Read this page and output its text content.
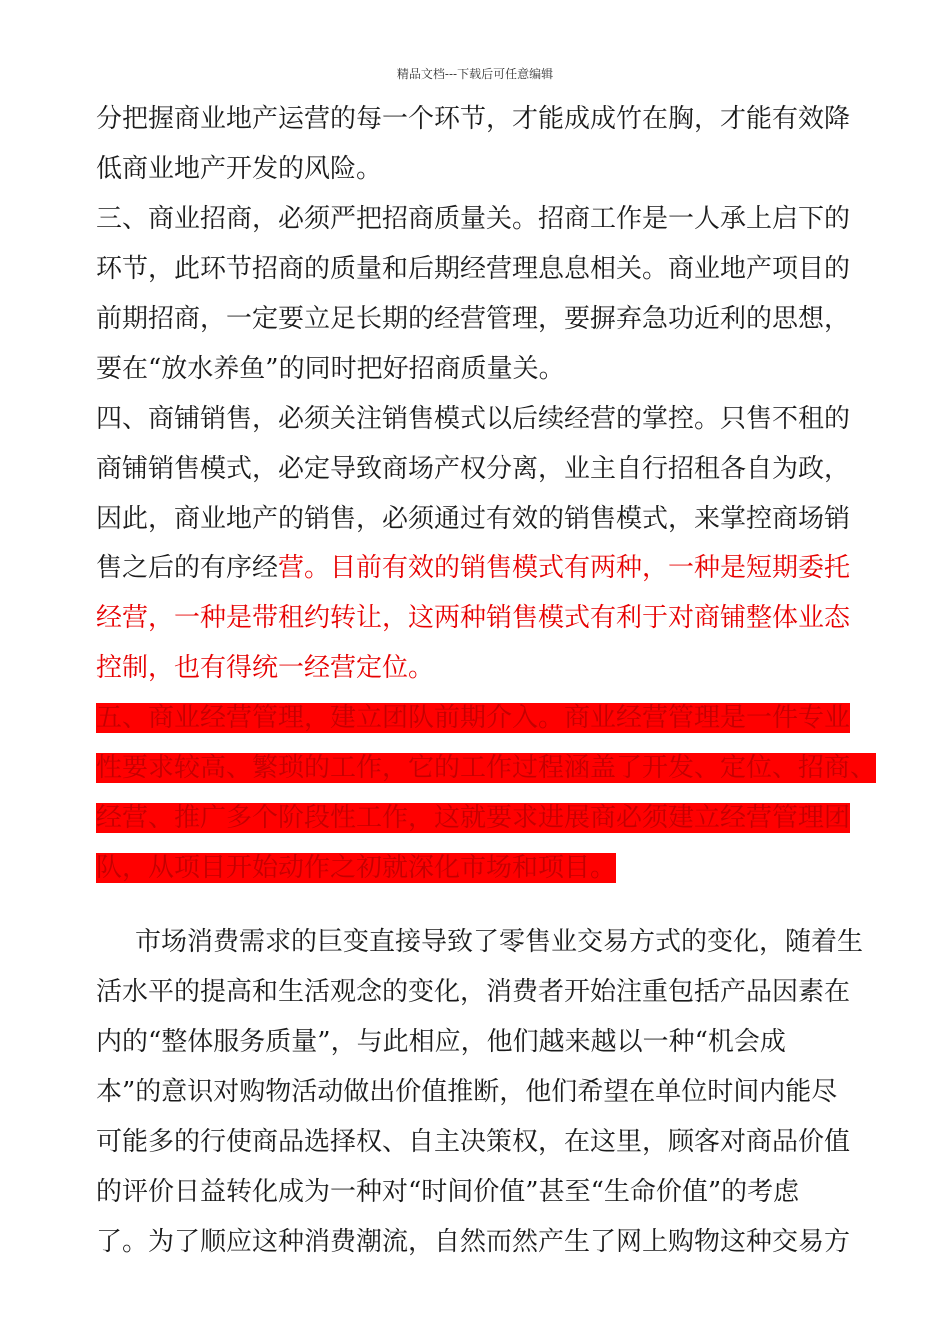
精品文档---下载后可任意编辑
分把握商业地产运营的每一个环节，才能成成竹在胸，才能有效降
低商业地产开发的风险。
三、商业招商，必须严把招商质量关。招商工作是一人承上启下的
环节，此环节招商的质量和后期经营理息息相关。商业地产项目的
前期招商，一定要立足长期的经营管理，要摒弃急功近利的思想，
要在“放水养鱼”的同时把好招商质量关。
四、商铺销售，必须关注销售模式以后续经营的掌控。只售不租的
商铺销售模式，必定导致商场产权分离，业主自行招租各自为政，
因此，商业地产的销售，必须通过有效的销售模式，来掌控商场销
售之后的有序经营。目前有效的销售模式有两种，一种是短期委托
经营，一种是带租约转让，这两种销售模式有利于对商铺整体业态
控制，也有得统一经营定位。
五、商业经营管理，建立团队前期介入。商业经营管理是一件专业
性要求较高、繁琐的工作，它的工作过程涵盖了开发、定位、招商、
经营、推广多个阶段性工作，这就要求进展商必须建立经营管理团
队，从项目开始动作之初就深化市场和项目。
市场消费需求的巨变直接导致了零售业交易方式的变化，随着生
活水平的提高和生活观念的变化，消费者开始注重包括产品因素在
内的“整体服务质量”，与此相应，他们越来越以一种“机会成
本”的意识对购物活动做出价值推断，他们希望在单位时间内能尽
可能多的行使商品选择权、自主决策权，在这里，顾客对商品价值
的评价日益转化成为一种对“时间价值”甚至“生命价值”的考虑
了。为了顺应这种消费潮流，自然而然产生了网上购物这种交易方
